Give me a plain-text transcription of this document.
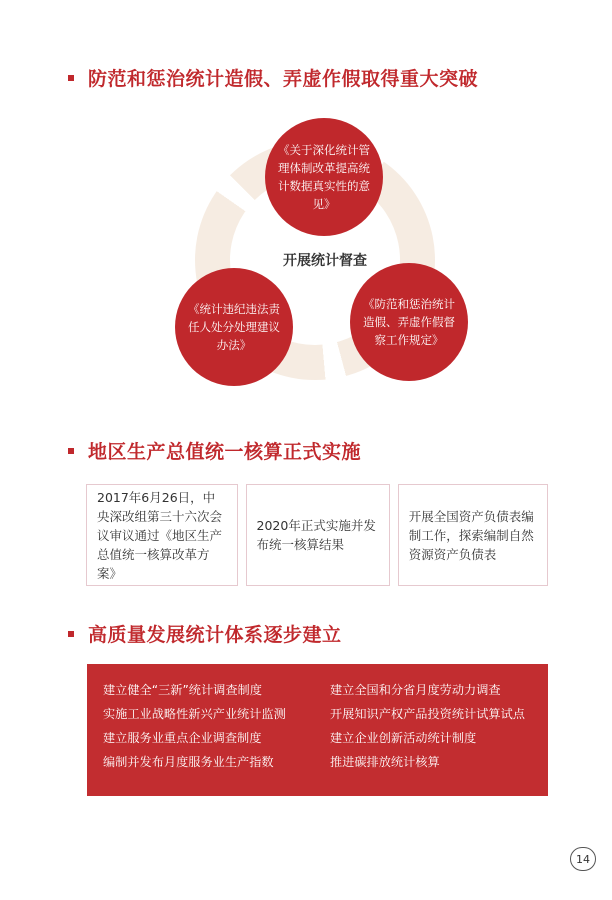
防范和惩治统计造假、弄虚作假取得重大突破
《关于深化统计管理体制改革提高统计数据真实性的意见》
开展统计督查
《统计违纪违法责任人处分处理建议办法》
《防范和惩治统计造假、弄虚作假督察工作规定》
地区生产总值统一核算正式实施
2017年6月26日，中央深改组第三十六次会议审议通过《地区生产总值统一核算改革方案》
2020年正式实施并发布统一核算结果
开展全国资产负债表编制工作，探索编制自然资源资产负债表
高质量发展统计体系逐步建立
建立健全“三新”统计调查制度
实施工业战略性新兴产业统计监测
建立服务业重点企业调查制度
编制并发布月度服务业生产指数
建立全国和分省月度劳动力调查
开展知识产权产品投资统计试算试点
建立企业创新活动统计制度
推进碳排放统计核算
14
